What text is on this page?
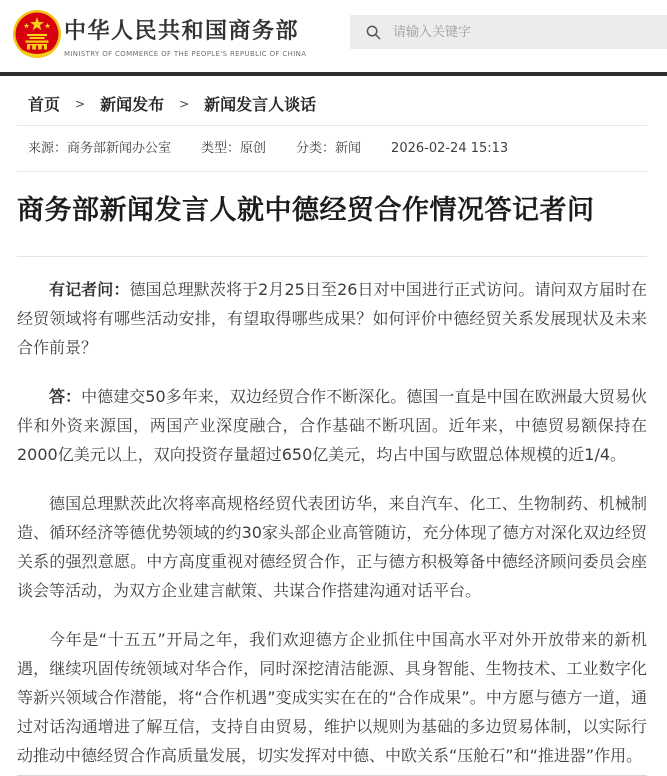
中华人民共和国商务部
MINISTRY OF COMMERCE OF THE PEOPLE'S REPUBLIC OF CHINA
请输入关键字
首页 > 新闻发布 > 新闻发言人谈话
来源：商务部新闻办公室 类型：原创 分类：新闻 2026-02-24 15:13
商务部新闻发言人就中德经贸合作情况答记者问

有记者问：德国总理默茨将于2月25日至26日对中国进行正式访问。请问双方届时在经贸领域将有哪些活动安排，有望取得哪些成果？如何评价中德经贸关系发展现状及未来合作前景？

答：中德建交50多年来，双边经贸合作不断深化。德国一直是中国在欧洲最大贸易伙伴和外资来源国，两国产业深度融合，合作基础不断巩固。近年来，中德贸易额保持在2000亿美元以上，双向投资存量超过650亿美元，均占中国与欧盟总体规模的近1/4。

德国总理默茨此次将率高规格经贸代表团访华，来自汽车、化工、生物制药、机械制造、循环经济等德优势领域的约30家头部企业高管随访，充分体现了德方对深化双边经贸关系的强烈意愿。中方高度重视对德经贸合作，正与德方积极筹备中德经济顾问委员会座谈会等活动，为双方企业建言献策、共谋合作搭建沟通对话平台。

今年是“十五五”开局之年，我们欢迎德方企业抓住中国高水平对外开放带来的新机遇，继续巩固传统领域对华合作，同时深挖清洁能源、具身智能、生物技术、工业数字化等新兴领域合作潜能，将“合作机遇”变成实实在在的“合作成果”。中方愿与德方一道，通过对话沟通增进了解互信，支持自由贸易，维护以规则为基础的多边贸易体制，以实际行动推动中德经贸合作高质量发展，切实发挥对中德、中欧关系“压舱石”和“推进器”作用。
